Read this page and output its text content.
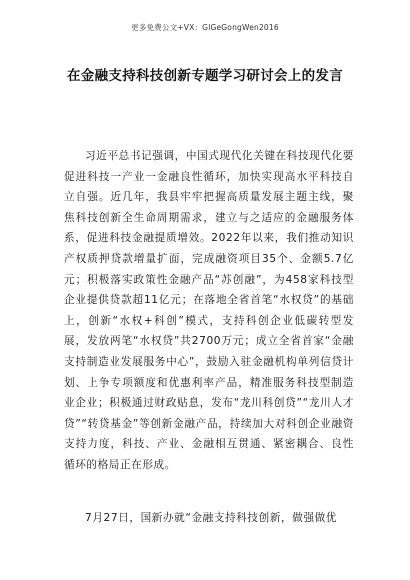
更多免费公文+VX：GlGeGongWen2016
在金融支持科技创新专题学习研讨会上的发言
习近平总书记强调，中国式现代化关键在科技现代化要促进科技一产业一金融良性循环，加快实现高水平科技自立自强。近几年，我县牢牢把握高质量发展主题主线，聚焦科技创新全生命周期需求，建立与之适应的金融服务体系，促进科技金融提质增效。2022年以来，我们推动知识产权质押贷款增量扩面，完成融资项目35个、金额5.7亿元；积极落实政策性金融产品“苏创融”，为458家科技型企业提供贷款超11亿元；在落地全省首笔“水权贷”的基础上，创新“水权+科创”模式，支持科创企业低碳转型发展，发放两笔“水权贷”共2700万元；成立全省首家“金融支持制造业发展服务中心”，鼓励入驻金融机构单列信贷计划、上争专项额度和优惠利率产品，精准服务科技型制造业企业；积极通过财政贴息，发布“龙川科创贷”“龙川人才贷”“转贷基金”等创新金融产品，持续加大对科创企业融资支持力度，科技、产业、金融相互贯通、紧密耦合、良性循环的格局正在形成。
7月27日，国新办就“金融支持科技创新，做强做优
